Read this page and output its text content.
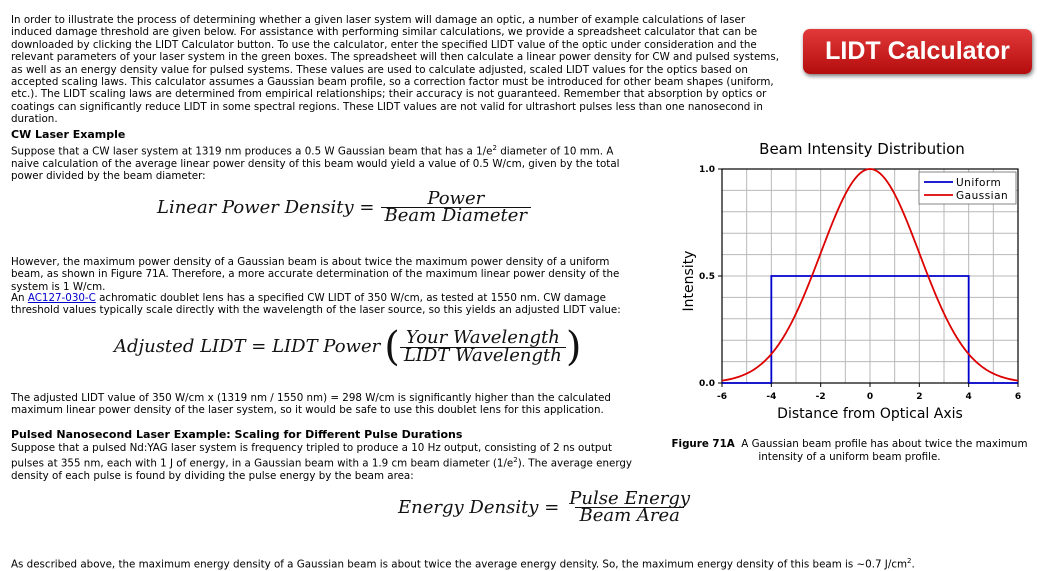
In order to illustrate the process of determining whether a given laser system will damage an optic, a number of example calculations of laser induced damage threshold are given below. For assistance with performing similar calculations, we provide a spreadsheet calculator that can be downloaded by clicking the LIDT Calculator button. To use the calculator, enter the specified LIDT value of the optic under consideration and the relevant parameters of your laser system in the green boxes. The spreadsheet will then calculate a linear power density for CW and pulsed systems, as well as an energy density value for pulsed systems. These values are used to calculate adjusted, scaled LIDT values for the optics based on accepted scaling laws. This calculator assumes a Gaussian beam profile, so a correction factor must be introduced for other beam shapes (uniform, etc.). The LIDT scaling laws are determined from empirical relationships; their accuracy is not guaranteed. Remember that absorption by optics or coatings can significantly reduce LIDT in some spectral regions. These LIDT values are not valid for ultrashort pulses less than one nanosecond in duration.

LIDT Calculator
CW Laser Example

Suppose that a CW laser system at 1319 nm produces a 0.5 W Gaussian beam that has a $1/e^2$ diameter of 10 mm. A naive calculation of the average linear power density of this beam would yield a value of 0.5 W/cm, given by the total power divided by the beam diameter:

Linear Power Density = $\frac{\text{Power}}{\text{Beam Diameter}}$

However, the maximum power density of a Gaussian beam is about twice the maximum power density of a uniform beam, as shown in Figure 71A. Therefore, a more accurate determination of the maximum linear power density of the system is 1 W/cm.

An AC127-030-C achromatic doublet lens has a specified CW LIDT of 350 W/cm, as tested at 1550 nm. CW damage threshold values typically scale directly with the wavelength of the laser source, so this yields an adjusted LIDT value:

Adjusted LIDT = LIDT Power ( $\frac{\text{Your Wavelength}}{\text{LIDT Wavelength}}$ )

The adjusted LIDT value of 350 W/cm x (1319 nm / 1550 nm) = 298 W/cm is significantly higher than the calculated maximum linear power density of the laser system, so it would be safe to use this doublet lens for this application.

Pulsed Nanosecond Laser Example: Scaling for Different Pulse Durations

Suppose that a pulsed Nd:YAG laser system is frequency tripled to produce a 10 Hz output, consisting of 2 ns output pulses at 355 nm, each with 1 J of energy, in a Gaussian beam with a 1.9 cm beam diameter $(1/e^2)$. The average energy density of each pulse is found by dividing the pulse energy by the beam area:

Energy Density = $\frac{\text{Pulse Energy}}{\text{Beam Area}}$

As described above, the maximum energy density of a Gaussian beam is about twice the average energy density. So, the maximum energy density of this beam is ~0.7 $J/cm^2$.

Beam Intensity Distribution
-6	-4	-2	0	2	4	6
0.0
0.5
1.0
Uniform
Gaussian
Distance from Optical Axis
Intensity
Figure 71A A Gaussian beam profile has about twice the maximum intensity of a uniform beam profile.
